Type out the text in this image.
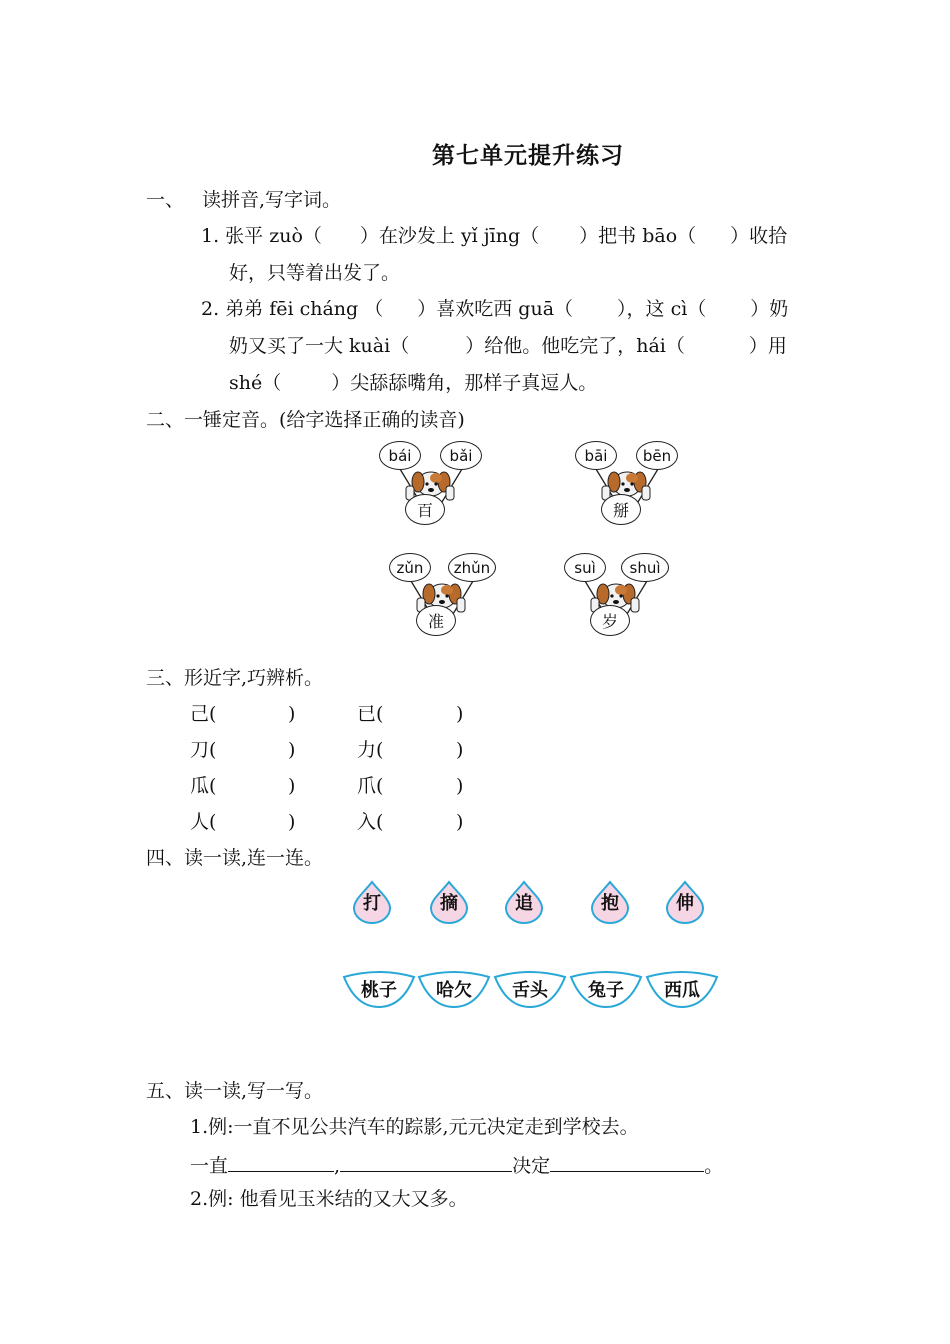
第七单元提升练习
一、 读拼音,写字词。
1. 张平 zuò（ ）在沙发上 yǐ jīng（ ）把书 bāo（ ）收拾
好，只等着出发了。
2. 弟弟 fēi cháng （ ）喜欢吃西 guā（ ），这 cì（ ）奶
奶又买了一大 kuài（	）给他。他吃完了，hái（	）用
shé（	）尖舔舔嘴角，那样子真逗人。
二、一锤定音。(给字选择正确的读音)
bái	bǎi
百
bāi	bēn
掰
zǔn	zhǔn
准
suì	shuì
岁
三、形近字,巧辨析。
己(	)	已(	)
刀(	)	力(	)
瓜(	)	爪(	)
人(	)	入(	)
四、读一读,连一连。
打	摘	追	抱	伸
桃子 哈欠 舌头 兔子 西瓜
五、读一读,写一写。
1.例:一直不见公共汽车的踪影,元元决定走到学校去。
一直	,	决定	。
2.例: 他看见玉米结的又大又多。
